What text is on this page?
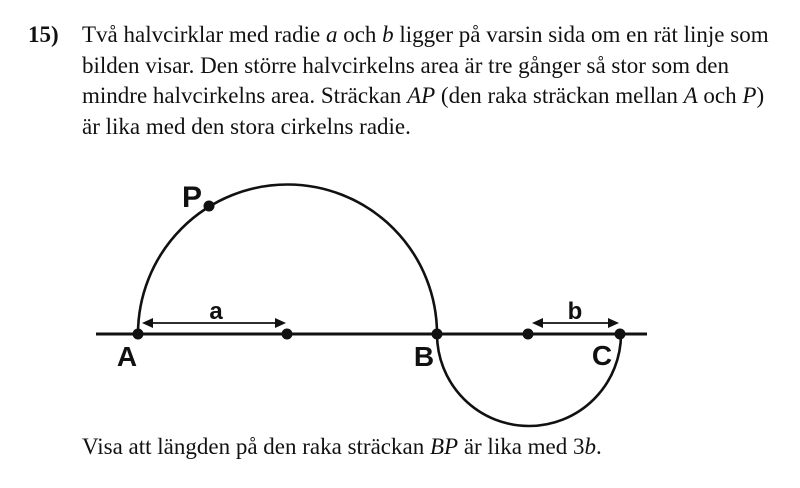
15) Två halvcirklar med radie a och b ligger på varsin sida om en rät linje som
bilden visar. Den större halvcirkelns area är tre gånger så stor som den
mindre halvcirkelns area. Sträckan AP (den raka sträckan mellan A och P)
är lika med den stora cirkelns radie.
P
A	B	C
a	b
Visa att längden på den raka sträckan BP är lika med 3b.
